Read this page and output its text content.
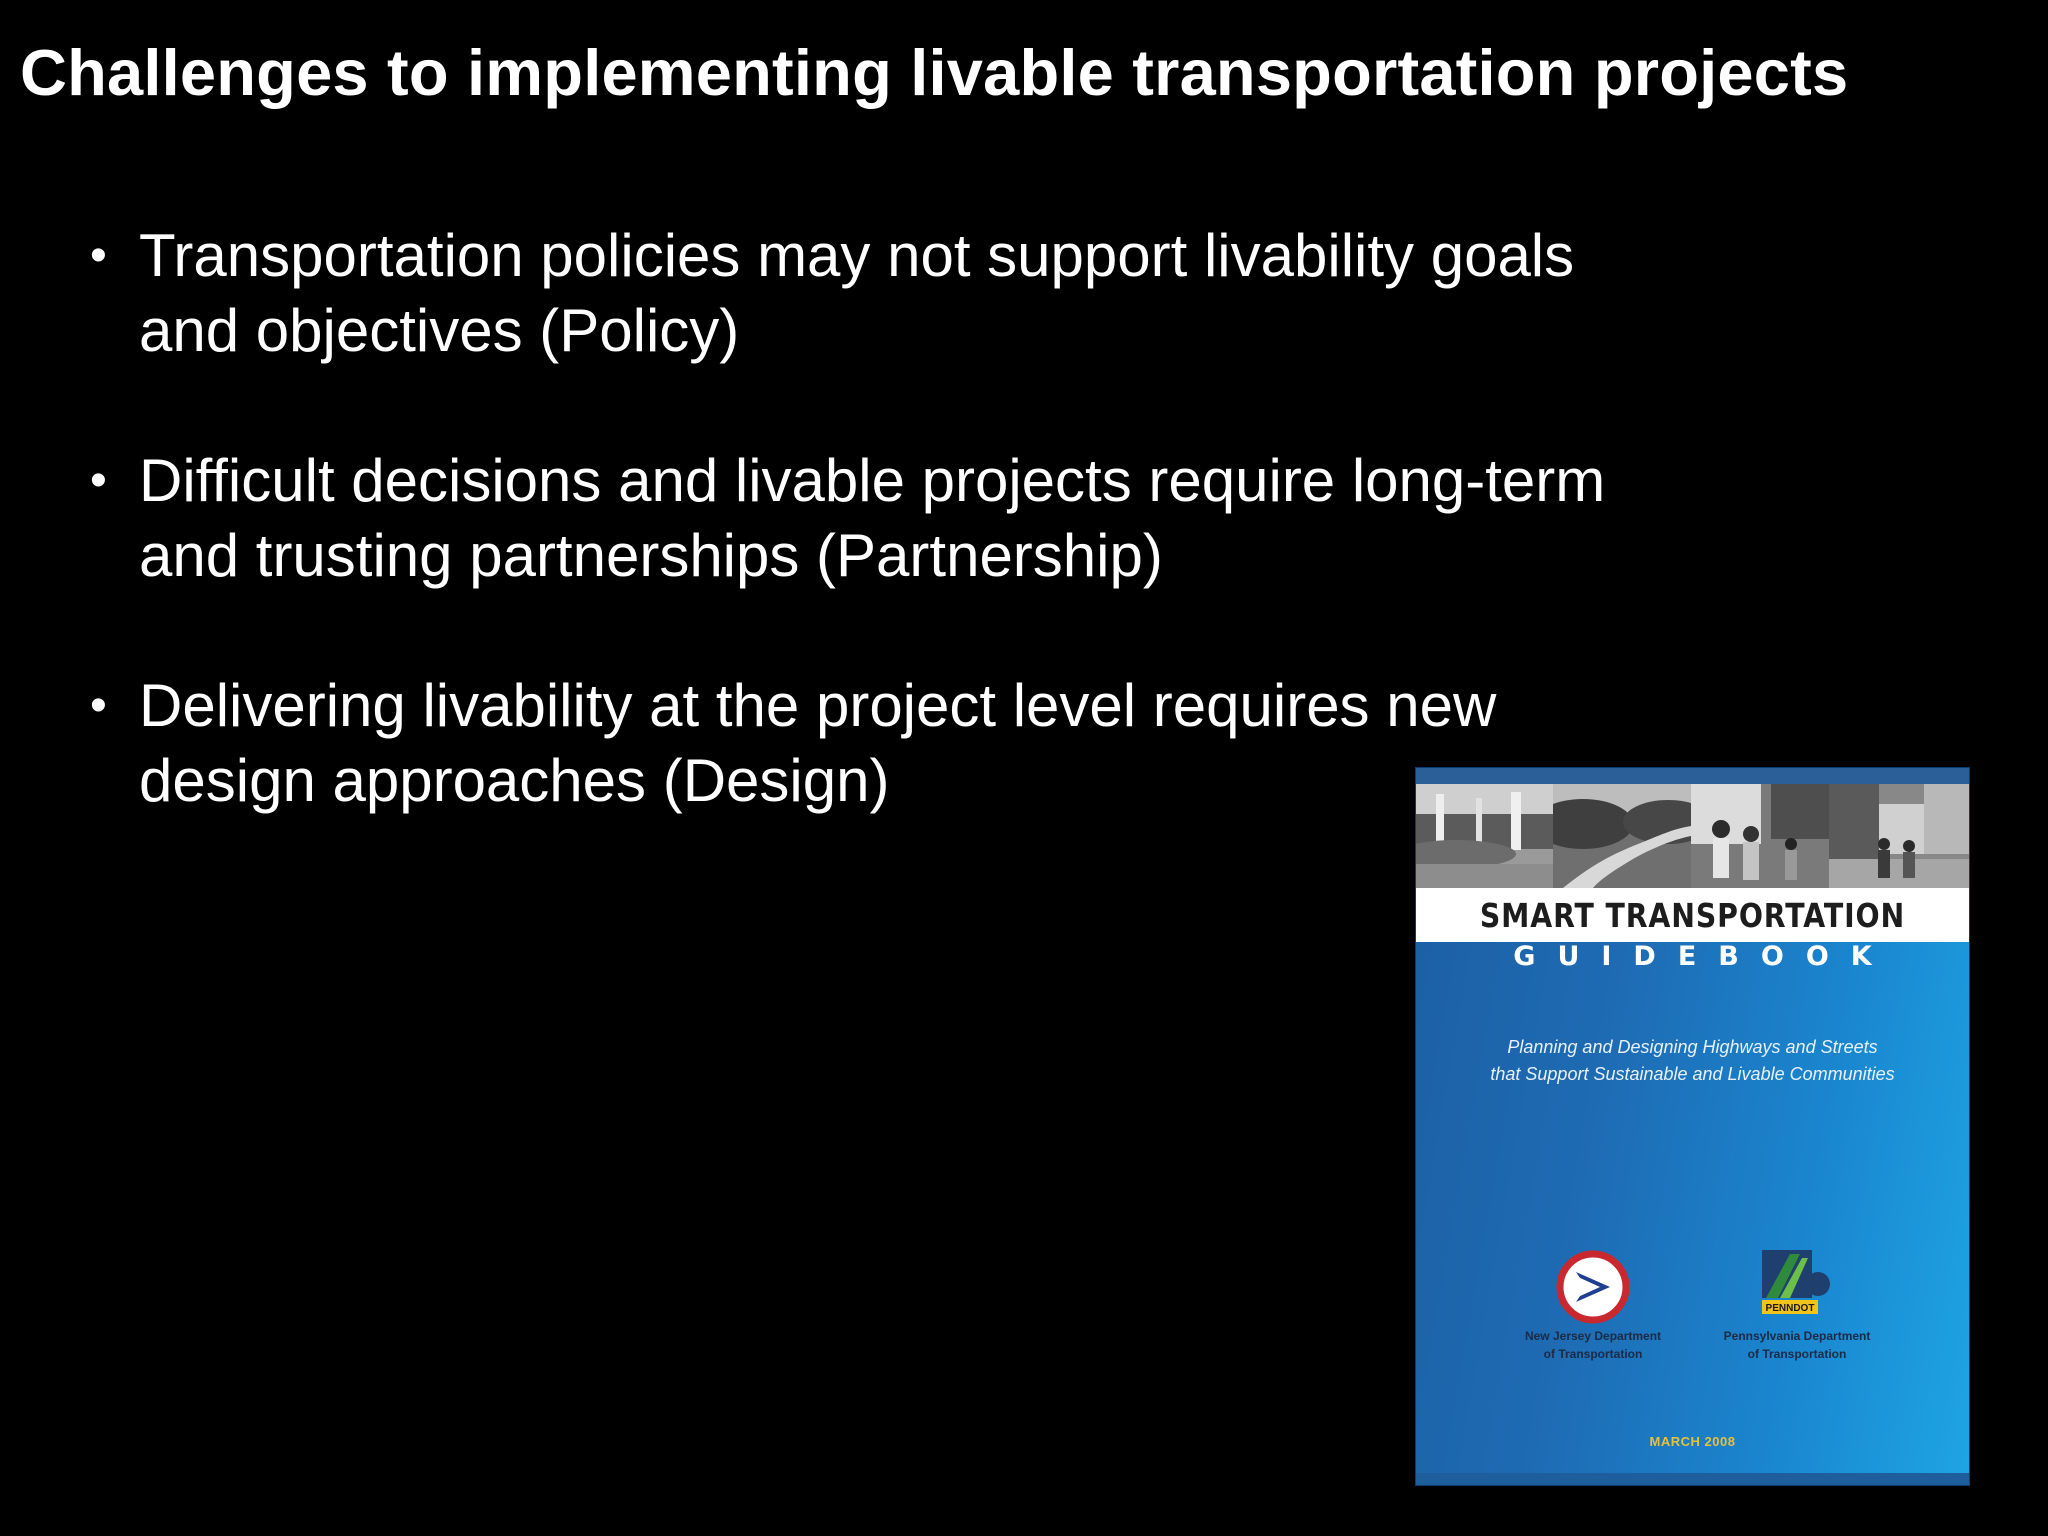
Challenges to implementing livable transportation projects
• Transportation policies may not support livability goals
and objectives (Policy)
• Difficult decisions and livable projects require long-term
and trusting partnerships (Partnership)
• Delivering livability at the project level requires new
design approaches (Design)
SMART TRANSPORTATION
GUIDEBOOK
Planning and Designing Highways and Streets
that Support Sustainable and Livable Communities
PENNDOT
New Jersey Department
of Transportation
Pennsylvania Department
of Transportation
MARCH 2008
